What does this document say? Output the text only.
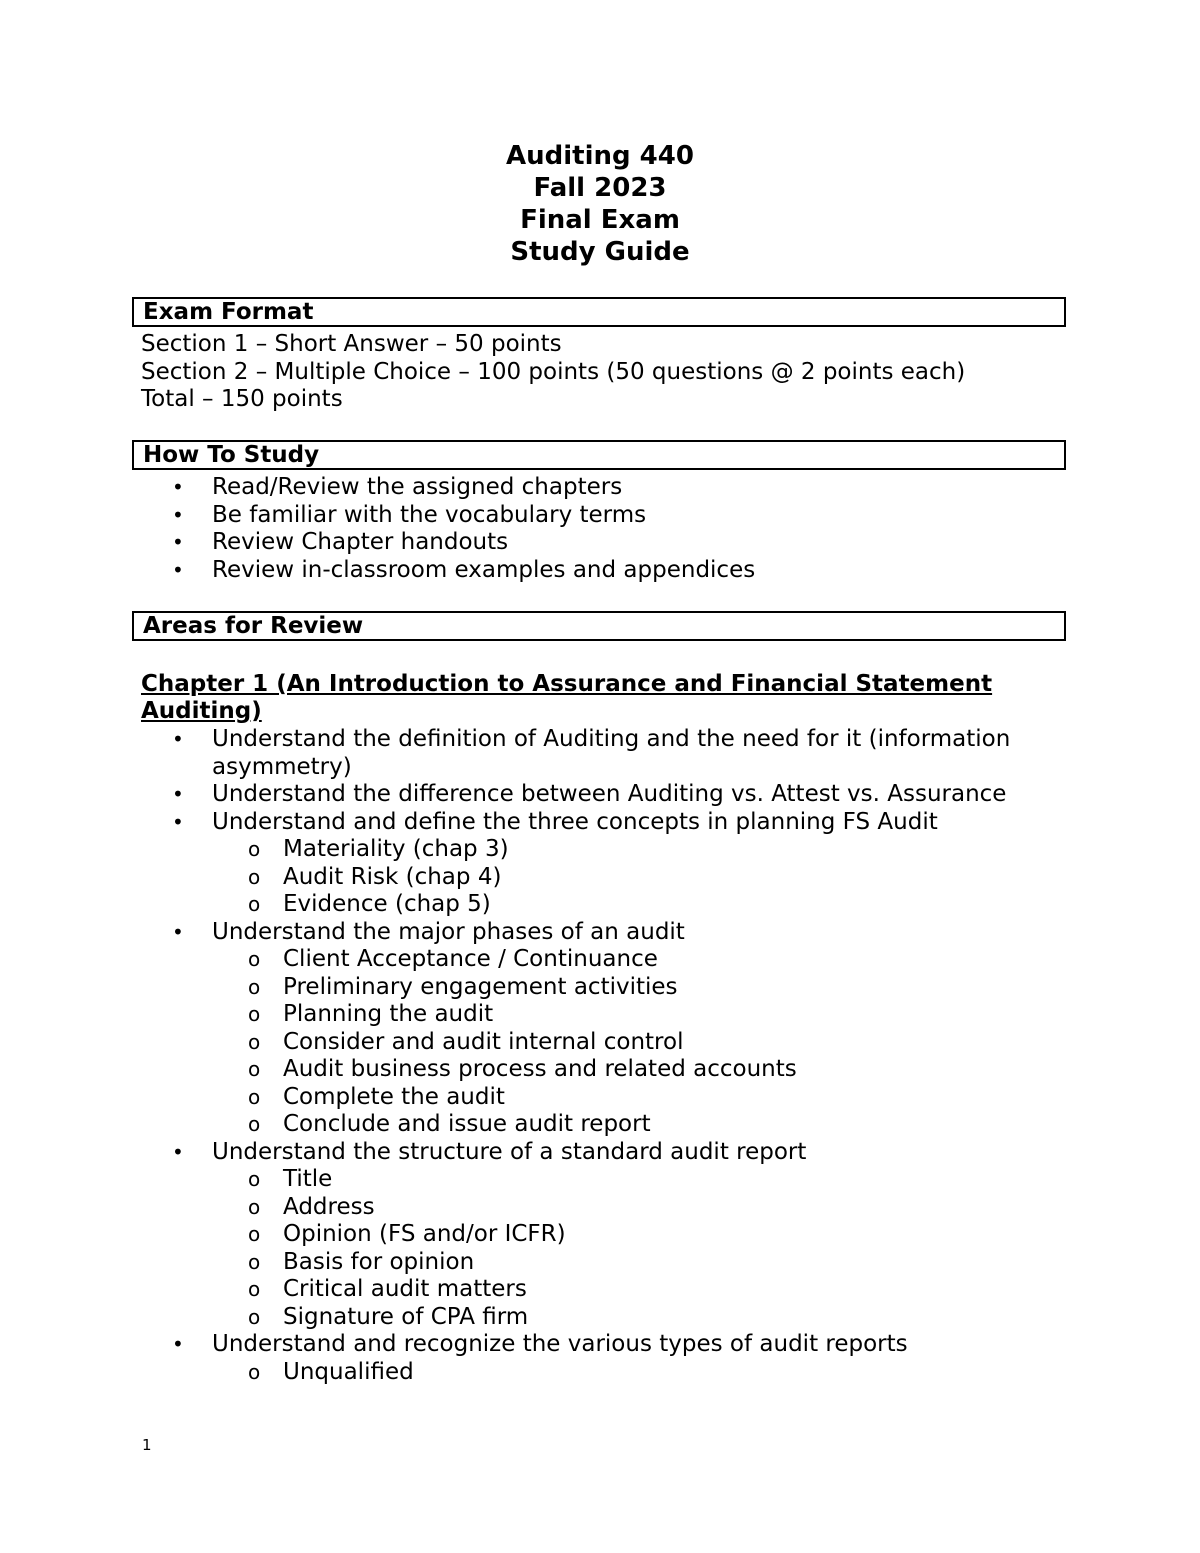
Auditing 440
Fall 2023
Final Exam
Study Guide
Exam Format
Section 1 – Short Answer – 50 points
Section 2 – Multiple Choice – 100 points (50 questions @ 2 points each)
Total – 150 points
How To Study
• Read/Review the assigned chapters
• Be familiar with the vocabulary terms
• Review Chapter handouts
• Review in-classroom examples and appendices
Areas for Review
Chapter 1 (An Introduction to Assurance and Financial Statement Auditing)
• Understand the definition of Auditing and the need for it (information asymmetry)
• Understand the difference between Auditing vs. Attest vs. Assurance
• Understand and define the three concepts in planning FS Audit
o Materiality (chap 3)
o Audit Risk (chap 4)
o Evidence (chap 5)
• Understand the major phases of an audit
o Client Acceptance / Continuance
o Preliminary engagement activities
o Planning the audit
o Consider and audit internal control
o Audit business process and related accounts
o Complete the audit
o Conclude and issue audit report
• Understand the structure of a standard audit report
o Title
o Address
o Opinion (FS and/or ICFR)
o Basis for opinion
o Critical audit matters
o Signature of CPA firm
• Understand and recognize the various types of audit reports
o Unqualified
1
